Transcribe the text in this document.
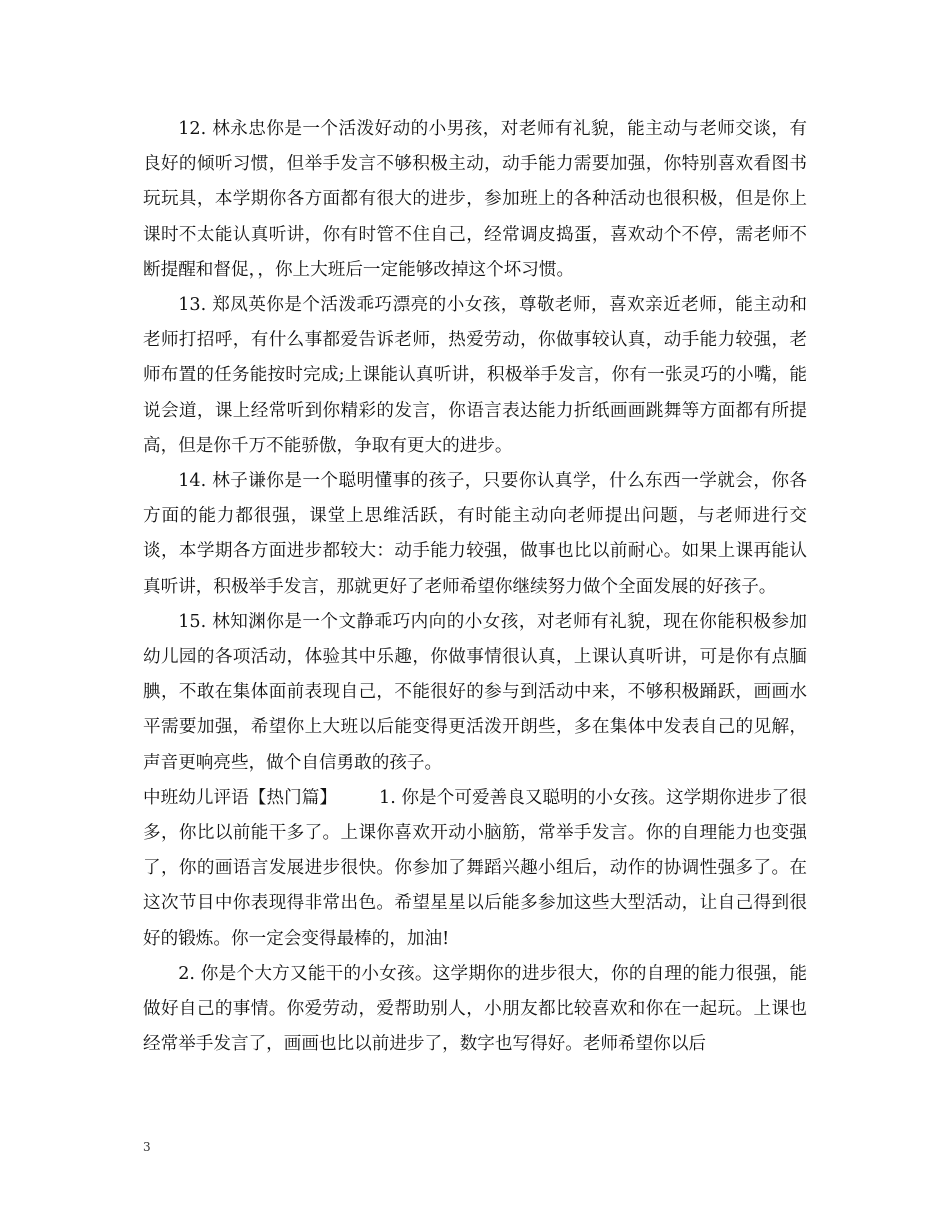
12. 林永忠你是一个活泼好动的小男孩，对老师有礼貌，能主动与老师交谈，有良好的倾听习惯，但举手发言不够积极主动，动手能力需要加强，你特别喜欢看图书玩玩具，本学期你各方面都有很大的进步，参加班上的各种活动也很积极，但是你上课时不太能认真听讲，你有时管不住自己，经常调皮捣蛋，喜欢动个不停，需老师不断提醒和督促，，你上大班后一定能够改掉这个坏习惯。

13. 郑凤英你是个活泼乖巧漂亮的小女孩，尊敬老师，喜欢亲近老师，能主动和老师打招呼，有什么事都爱告诉老师，热爱劳动，你做事较认真，动手能力较强，老师布置的任务能按时完成;上课能认真听讲，积极举手发言，你有一张灵巧的小嘴，能说会道，课上经常听到你精彩的发言，你语言表达能力折纸画画跳舞等方面都有所提高，但是你千万不能骄傲，争取有更大的进步。

14. 林子谦你是一个聪明懂事的孩子，只要你认真学，什么东西一学就会，你各方面的能力都很强，课堂上思维活跃，有时能主动向老师提出问题，与老师进行交谈，本学期各方面进步都较大：动手能力较强，做事也比以前耐心。如果上课再能认真听讲，积极举手发言，那就更好了老师希望你继续努力做个全面发展的好孩子。

15. 林知渊你是一个文静乖巧内向的小女孩，对老师有礼貌，现在你能积极参加幼儿园的各项活动，体验其中乐趣，你做事情很认真，上课认真听讲，可是你有点腼腆，不敢在集体面前表现自己，不能很好的参与到活动中来，不够积极踊跃，画画水平需要加强，希望你上大班以后能变得更活泼开朗些，多在集体中发表自己的见解，声音更响亮些，做个自信勇敢的孩子。

中班幼儿评语【热门篇】 1. 你是个可爱善良又聪明的小女孩。这学期你进步了很多，你比以前能干多了。上课你喜欢开动小脑筋，常举手发言。你的自理能力也变强了，你的画语言发展进步很快。你参加了舞蹈兴趣小组后，动作的协调性强多了。在这次节目中你表现得非常出色。希望星星以后能多参加这些大型活动，让自己得到很好的锻炼。你一定会变得最棒的，加油!

2. 你是个大方又能干的小女孩。这学期你的进步很大，你的自理的能力很强，能做好自己的事情。你爱劳动，爱帮助别人，小朋友都比较喜欢和你在一起玩。上课也经常举手发言了，画画也比以前进步了，数字也写得好。老师希望你以后

3
